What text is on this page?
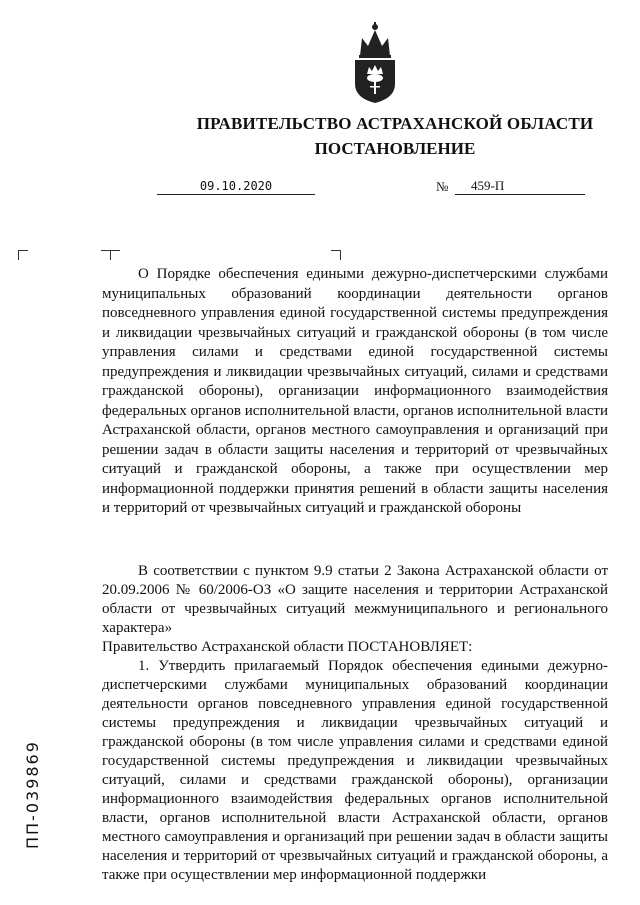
ПРАВИТЕЛЬСТВО АСТРАХАНСКОЙ ОБЛАСТИ
ПОСТАНОВЛЕНИЕ
09.10.2020	№	459-П
О Порядке обеспечения едиными дежурно-диспетчерскими службами муниципальных образований координации деятельности органов повседневного управления единой государственной системы предупреждения и ликвидации чрезвычайных ситуаций и гражданской обороны (в том числе управления силами и средствами единой государственной системы предупреждения и ликвидации чрезвычайных ситуаций, силами и средствами гражданской обороны), организации информационного взаимодействия федеральных органов исполнительной власти, органов исполнительной власти Астраханской области, органов местного самоуправления и организаций при решении задач в области защиты населения и территорий от чрезвычайных ситуаций и гражданской обороны, а также при осуществлении мер информационной поддержки принятия решений в области защиты населения и территорий от чрезвычайных ситуаций и гражданской обороны

В соответствии с пунктом 9.9 статьи 2 Закона Астраханской области от 20.09.2006 № 60/2006-ОЗ «О защите населения и территории Астраханской области от чрезвычайных ситуаций межмуниципального и регионального характера»

Правительство Астраханской области ПОСТАНОВЛЯЕТ:

1. Утвердить прилагаемый Порядок обеспечения едиными дежурно-диспетчерскими службами муниципальных образований координации деятельности органов повседневного управления единой государственной системы предупреждения и ликвидации чрезвычайных ситуаций и гражданской обороны (в том числе управления силами и средствами единой государственной системы предупреждения и ликвидации чрезвычайных ситуаций, силами и средствами гражданской обороны), организации информационного взаимодействия федеральных органов исполнительной власти, органов исполнительной власти Астраханской области, органов местного самоуправления и организаций при решении задач в области защиты населения и территорий от чрезвычайных ситуаций и гражданской обороны, а также при осуществлении мер информационной поддержки

ПП-039869
